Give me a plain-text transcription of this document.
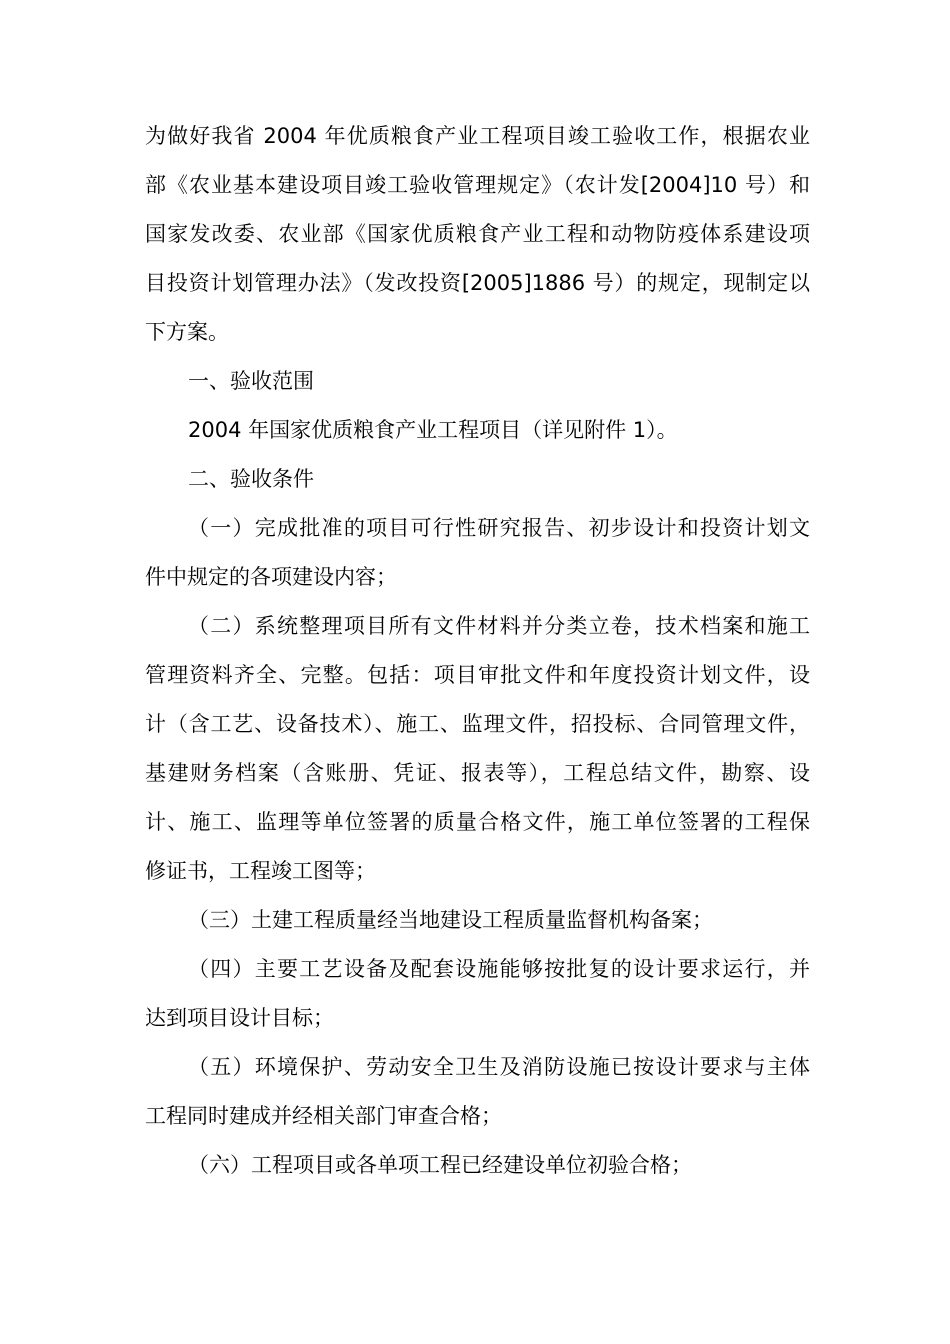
为做好我省 2004 年优质粮食产业工程项目竣工验收工作，根据农业
部《农业基本建设项目竣工验收管理规定》（农计发[2004]10 号）和
国家发改委、农业部《国家优质粮食产业工程和动物防疫体系建设项
目投资计划管理办法》（发改投资[2005]1886 号）的规定，现制定以
下方案。
一、验收范围
2004 年国家优质粮食产业工程项目（详见附件 1）。
二、验收条件
（一）完成批准的项目可行性研究报告、初步设计和投资计划文
件中规定的各项建设内容；
（二）系统整理项目所有文件材料并分类立卷，技术档案和施工
管理资料齐全、完整。包括：项目审批文件和年度投资计划文件，设
计（含工艺、设备技术）、施工、监理文件，招投标、合同管理文件，
基建财务档案（含账册、凭证、报表等），工程总结文件，勘察、设
计、施工、监理等单位签署的质量合格文件，施工单位签署的工程保
修证书，工程竣工图等；
（三）土建工程质量经当地建设工程质量监督机构备案；
（四）主要工艺设备及配套设施能够按批复的设计要求运行，并
达到项目设计目标；
（五）环境保护、劳动安全卫生及消防设施已按设计要求与主体
工程同时建成并经相关部门审查合格；
（六）工程项目或各单项工程已经建设单位初验合格；
